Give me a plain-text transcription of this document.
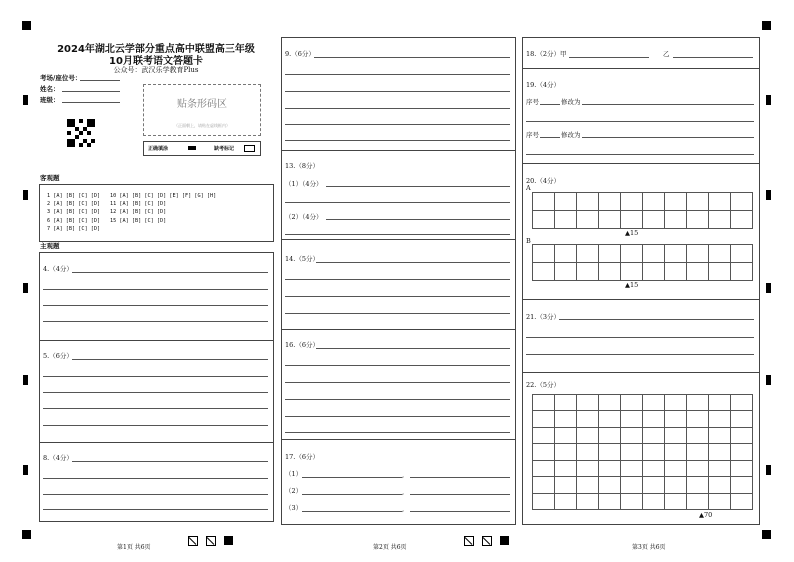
2024年湖北云学部分重点高中联盟高三年级
10月联考语文答题卡
公众号：武汉乐学教育Plus
考场/座位号：
姓名：
班级：	贴条形码区
（正面朝上，请贴在虚线框内）
正确填涂	缺考标记
客观题
1 [A] [B] [C] [D]
2 [A] [B] [C] [D]
3 [A] [B] [C] [D]
6 [A] [B] [C] [D]
7 [A] [B] [C] [D]
10 [A] [B] [C] [D] [E] [F] [G] [H]
11 [A] [B] [C] [D]
12 [A] [B] [C] [D]
15 [A] [B] [C] [D]
主观题
4.（4分）
5.（6分）
8.（4分）
9.（6分）
13.（8分）
（1）（4分）
（2）（4分）
14.（5分）
16.（6分）
17.（6分）
（1）	,
（2）	,
（3）	,
18.（2分）甲	乙
19.（4分）
序号	修改为
序号	修改为
20.（4分）
A
▲15
B
▲15
21.（3分）
22.（5分）
▲70

第1页 共6页	第2页 共6页	第3页 共6页
